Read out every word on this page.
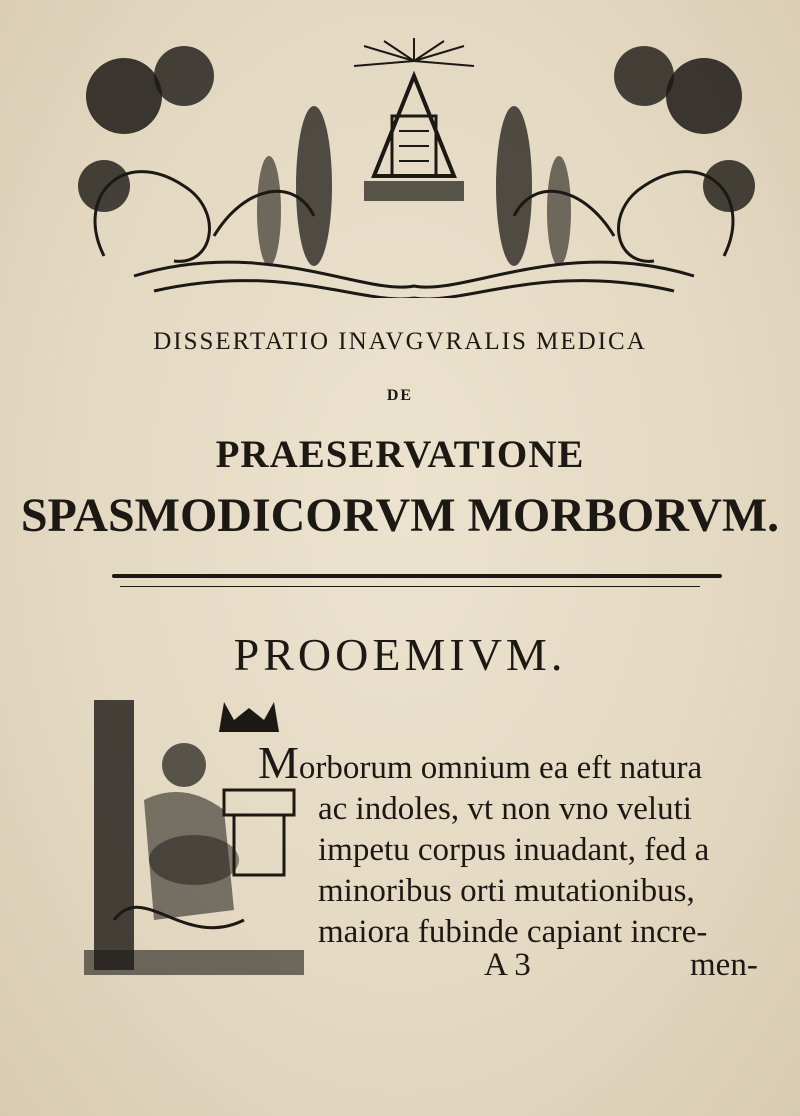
DISSERTATIO INAVGVRALIS MEDICA
DE
PRAESERVATIONE
SPASMODICORVM MORBORVM.
PROOEMIVM.
Morborum omnium ea eft natura
ac indoles, vt non vno veluti
impetu corpus inuadant, fed a
minoribus orti mutationibus,
maiora fubinde capiant incre-
A 3	men-
